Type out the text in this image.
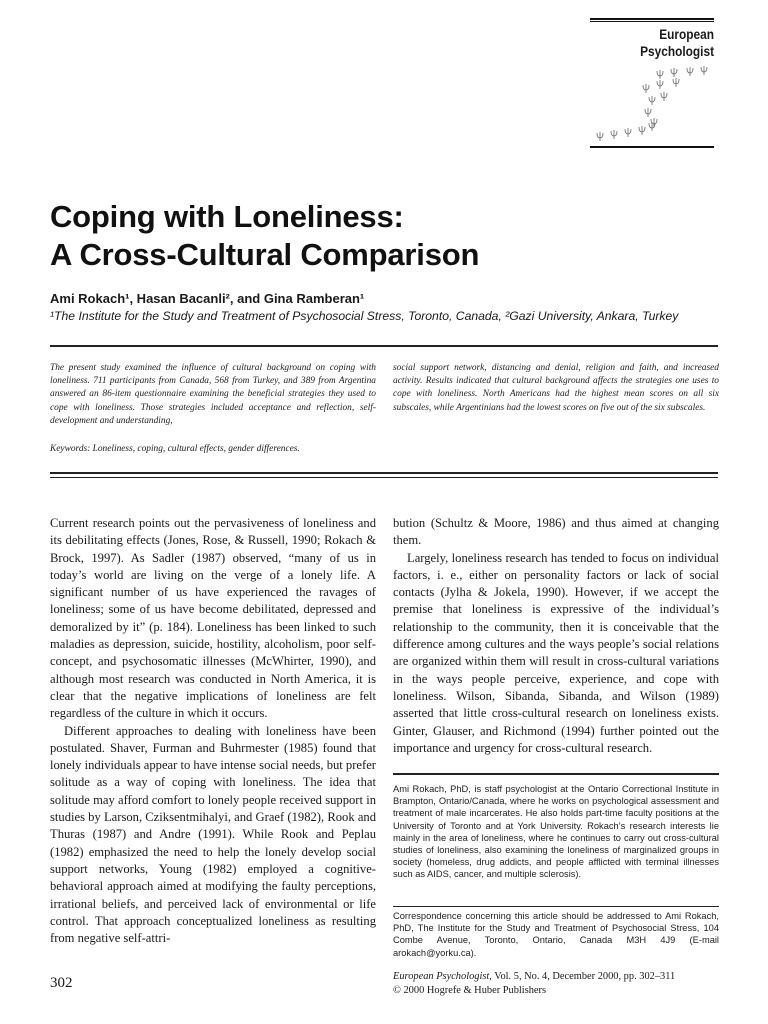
European
Psychologist
Coping with Loneliness:
A Cross-Cultural Comparison
Ami Rokach¹, Hasan Bacanli², and Gina Ramberan¹
¹The Institute for the Study and Treatment of Psychosocial Stress, Toronto, Canada, ²Gazi University, Ankara, Turkey
The present study examined the influence of cultural background on coping with loneliness. 711 participants from Canada, 568 from Turkey, and 389 from Argentina answered an 86-item questionnaire examining the beneficial strategies they used to cope with loneliness. Those strategies included acceptance and reflection, self-development and understanding,
social support network, distancing and denial, religion and faith, and increased activity. Results indicated that cultural background affects the strategies one uses to cope with loneliness. North Americans had the highest mean scores on all six subscales, while Argentinians had the lowest scores on five out of the six subscales.
Keywords: Loneliness, coping, cultural effects, gender differences.

Current research points out the pervasiveness of loneliness and its debilitating effects (Jones, Rose, & Russell, 1990; Rokach & Brock, 1997). As Sadler (1987) observed, “many of us in today’s world are living on the verge of a lonely life. A significant number of us have experienced the ravages of loneliness; some of us have become debilitated, depressed and demoralized by it” (p. 184). Loneliness has been linked to such maladies as depression, suicide, hostility, alcoholism, poor self-concept, and psychosomatic illnesses (McWhirter, 1990), and although most research was conducted in North America, it is clear that the negative implications of loneliness are felt regardless of the culture in which it occurs.

Different approaches to dealing with loneliness have been postulated. Shaver, Furman and Buhrmester (1985) found that lonely individuals appear to have intense social needs, but prefer solitude as a way of coping with loneliness. The idea that solitude may afford comfort to lonely people received support in studies by Larson, Cziksentmihalyi, and Graef (1982), Rook and Thuras (1987) and Andre (1991). While Rook and Peplau (1982) emphasized the need to help the lonely develop social support networks, Young (1982) employed a cognitive-behavioral approach aimed at modifying the faulty perceptions, irrational beliefs, and perceived lack of environmental or life control. That approach conceptualized loneliness as resulting from negative self-attri-

bution (Schultz & Moore, 1986) and thus aimed at changing them.

Largely, loneliness research has tended to focus on individual factors, i. e., either on personality factors or lack of social contacts (Jylha & Jokela, 1990). However, if we accept the premise that loneliness is expressive of the individual’s relationship to the community, then it is conceivable that the difference among cultures and the ways people’s social relations are organized within them will result in cross-cultural variations in the ways people perceive, experience, and cope with loneliness. Wilson, Sibanda, Sibanda, and Wilson (1989) asserted that little cross-cultural research on loneliness exists. Ginter, Glauser, and Richmond (1994) further pointed out the importance and urgency for cross-cultural research.

Ami Rokach, PhD, is staff psychologist at the Ontario Correctional Institute in Brampton, Ontario/Canada, where he works on psychological assessment and treatment of male incarcerates. He also holds part-time faculty positions at the University of Toronto and at York University. Rokach’s research interests lie mainly in the area of loneliness, where he continues to carry out cross-cultural studies of loneliness, also examining the loneliness of marginalized groups in society (homeless, drug addicts, and people afflicted with terminal illnesses such as AIDS, cancer, and multiple sclerosis).
Correspondence concerning this article should be addressed to Ami Rokach, PhD, The Institute for the Study and Treatment of Psychosocial Stress, 104 Combe Avenue, Toronto, Ontario, Canada M3H 4J9 (E-mail arokach@yorku.ca).
302	European Psychologist, Vol. 5, No. 4, December 2000, pp. 302–311
© 2000 Hogrefe & Huber Publishers
